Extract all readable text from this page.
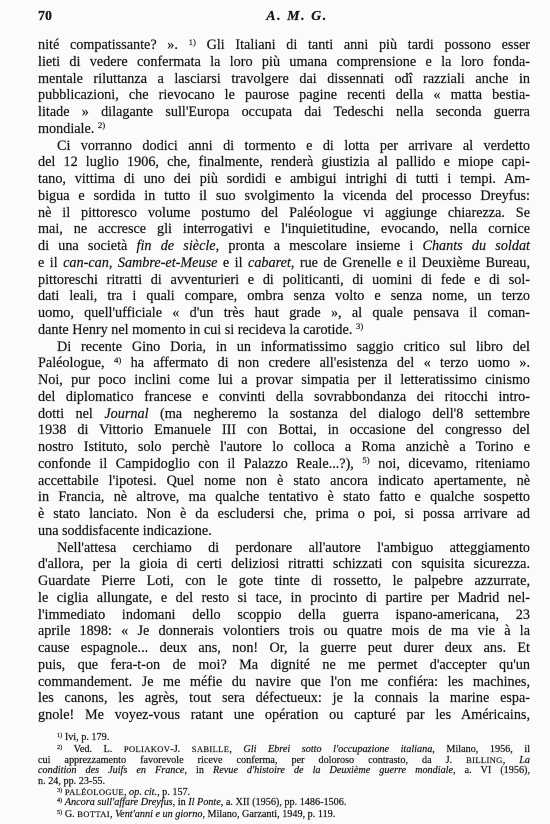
70	A. M. G.
nité compatissante? ». $^{1)}$ Gli Italiani di tanti anni più tardi possono esser
lieti di vedere confermata la loro più umana comprensione e la loro fonda-
mentale riluttanza a lasciarsi travolgere dai dissennati odî razziali anche in
pubblicazioni, che rievocano le paurose pagine recenti della « matta bestia-
litade » dilagante sull'Europa occupata dai Tedeschi nella seconda guerra
mondiale. $^{2)}$
Ci vorranno dodici anni di tormento e di lotta per arrivare al verdetto
del 12 luglio 1906, che, finalmente, renderà giustizia al pallido e miope capi-
tano, vittima di uno dei più sordidi e ambigui intrighi di tutti i tempi. Am-
bigua e sordida in tutto il suo svolgimento la vicenda del processo Dreyfus:
nè il pittoresco volume postumo del Paléologue vi aggiunge chiarezza. Se
mai, ne accresce gli interrogativi e l'inquietitudine, evocando, nella cornice
di una società fin de siècle, pronta a mescolare insieme i Chants du soldat
e il can-can, Sambre-et-Meuse e il cabaret, rue de Grenelle e il Deuxième Bureau,
pittoreschi ritratti di avventurieri e di politicanti, di uomini di fede e di sol-
dati leali, tra i quali compare, ombra senza volto e senza nome, un terzo
uomo, quell'ufficiale « d'un très haut grade », al quale pensava il coman-
dante Henry nel momento in cui si recideva la carotide. $^{3)}$
Di recente Gino Doria, in un informatissimo saggio critico sul libro del
Paléologue, $^{4)}$ ha affermato di non credere all'esistenza del « terzo uomo ».
Noi, pur poco inclini come lui a provar simpatia per il letteratissimo cinismo
del diplomatico francese e convinti della sovrabbondanza dei ritocchi intro-
dotti nel Journal (ma negheremo la sostanza del dialogo dell'8 settembre
1938 di Vittorio Emanuele III con Bottai, in occasione del congresso del
nostro Istituto, solo perchè l'autore lo colloca a Roma anzichè a Torino e
confonde il Campidoglio con il Palazzo Reale...?), $^{5)}$ noi, dicevamo, riteniamo
accettabile l'ipotesi. Quel nome non è stato ancora indicato apertamente, nè
in Francia, nè altrove, ma qualche tentativo è stato fatto e qualche sospetto
è stato lanciato. Non è da escludersi che, prima o poi, si possa arrivare ad
una soddisfacente indicazione.
Nell'attesa cerchiamo di perdonare all'autore l'ambiguo atteggiamento
d'allora, per la gioia di certi deliziosi ritratti schizzati con squisita sicurezza.
Guardate Pierre Loti, con le gote tinte di rossetto, le palpebre azzurrate,
le ciglia allungate, e del resto si tace, in procinto di partire per Madrid nel-
l'immediato indomani dello scoppio della guerra ispano-americana, 23
aprile 1898: « Je donnerais volontiers trois ou quatre mois de ma vie à la
cause espagnole... deux ans, non! Or, la guerre peut durer deux ans. Et
puis, que fera-t-on de moi? Ma dignité ne me permet d'accepter qu'un
commandement. Je me méfie du navire que l'on me confiéra: les machines,
les canons, les agrès, tout sera défectueux: je la connais la marine espa-
gnole! Me voyez-vous ratant une opération ou capturé par les Américains,
$^{1)}$ Ivi, p. 179.
$^{2)}$ Ved. L. POLIAKOV-J. SABILLE, Gli Ebrei sotto l'occupazione italiana, Milano, 1956, il
cui apprezzamento favorevole riceve conferma, per doloroso contrasto, da J. BILLING, La
condition des Juifs en France, in Revue d'histoire de la Deuxième guerre mondiale, a. VI (1956),
n. 24, pp. 23-55.
$^{3)}$ PALÉOLOGUE, op. cit., p. 157.
$^{4)}$ Ancora sull'affare Dreyfus, in Il Ponte, a. XII (1956), pp. 1486-1506.
$^{5)}$ G. BOTTAI, Vent'anni e un giorno, Milano, Garzanti, 1949, p. 119.
